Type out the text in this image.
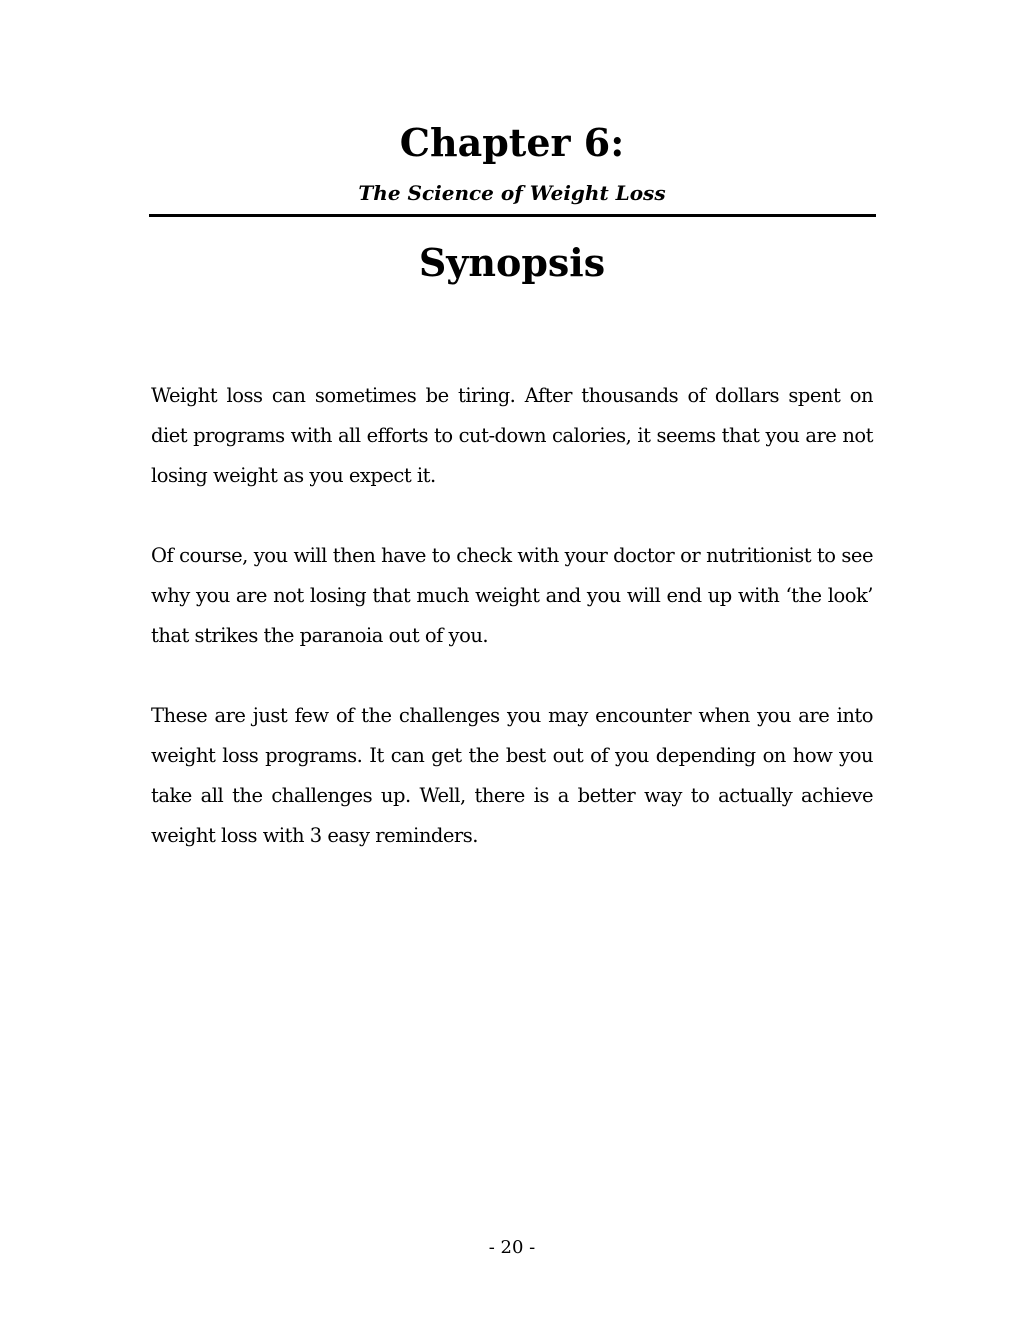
Chapter 6:
The Science of Weight Loss
Synopsis

Weight loss can sometimes be tiring. After thousands of dollars spent on diet programs with all efforts to cut-down calories, it seems that you are not losing weight as you expect it.

Of course, you will then have to check with your doctor or nutritionist to see why you are not losing that much weight and you will end up with ‘the look’ that strikes the paranoia out of you.

These are just few of the challenges you may encounter when you are into weight loss programs. It can get the best out of you depending on how you take all the challenges up. Well, there is a better way to actually achieve weight loss with 3 easy reminders.

- 20 -
